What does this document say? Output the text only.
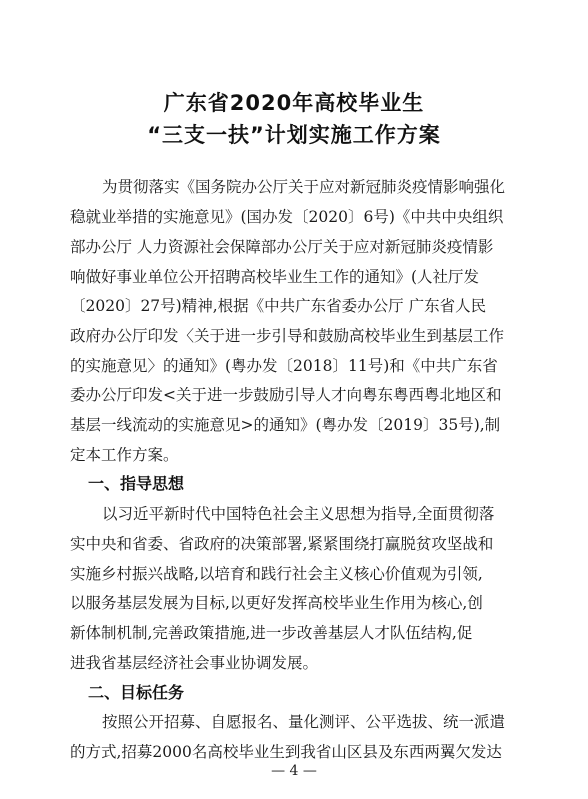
广东省2020年高校毕业生
“三支一扶”计划实施工作方案
为贯彻落实《国务院办公厅关于应对新冠肺炎疫情影响强化
稳就业举措的实施意见》(国办发〔2020〕6号)《中共中央组织
部办公厅 人力资源社会保障部办公厅关于应对新冠肺炎疫情影
响做好事业单位公开招聘高校毕业生工作的通知》(人社厅发
〔2020〕27号)精神,根据《中共广东省委办公厅 广东省人民
政府办公厅印发〈关于进一步引导和鼓励高校毕业生到基层工作
的实施意见〉的通知》(粤办发〔2018〕11号)和《中共广东省
委办公厅印发<关于进一步鼓励引导人才向粤东粤西粤北地区和
基层一线流动的实施意见>的通知》(粤办发〔2019〕35号),制
定本工作方案。
一、指导思想
以习近平新时代中国特色社会主义思想为指导,全面贯彻落
实中央和省委、省政府的决策部署,紧紧围绕打赢脱贫攻坚战和
实施乡村振兴战略,以培育和践行社会主义核心价值观为引领,
以服务基层发展为目标,以更好发挥高校毕业生作用为核心,创
新体制机制,完善政策措施,进一步改善基层人才队伍结构,促
进我省基层经济社会事业协调发展。
二、目标任务
按照公开招募、自愿报名、量化测评、公平选拔、统一派遣
的方式,招募2000名高校毕业生到我省山区县及东西两翼欠发达
— 4 —
